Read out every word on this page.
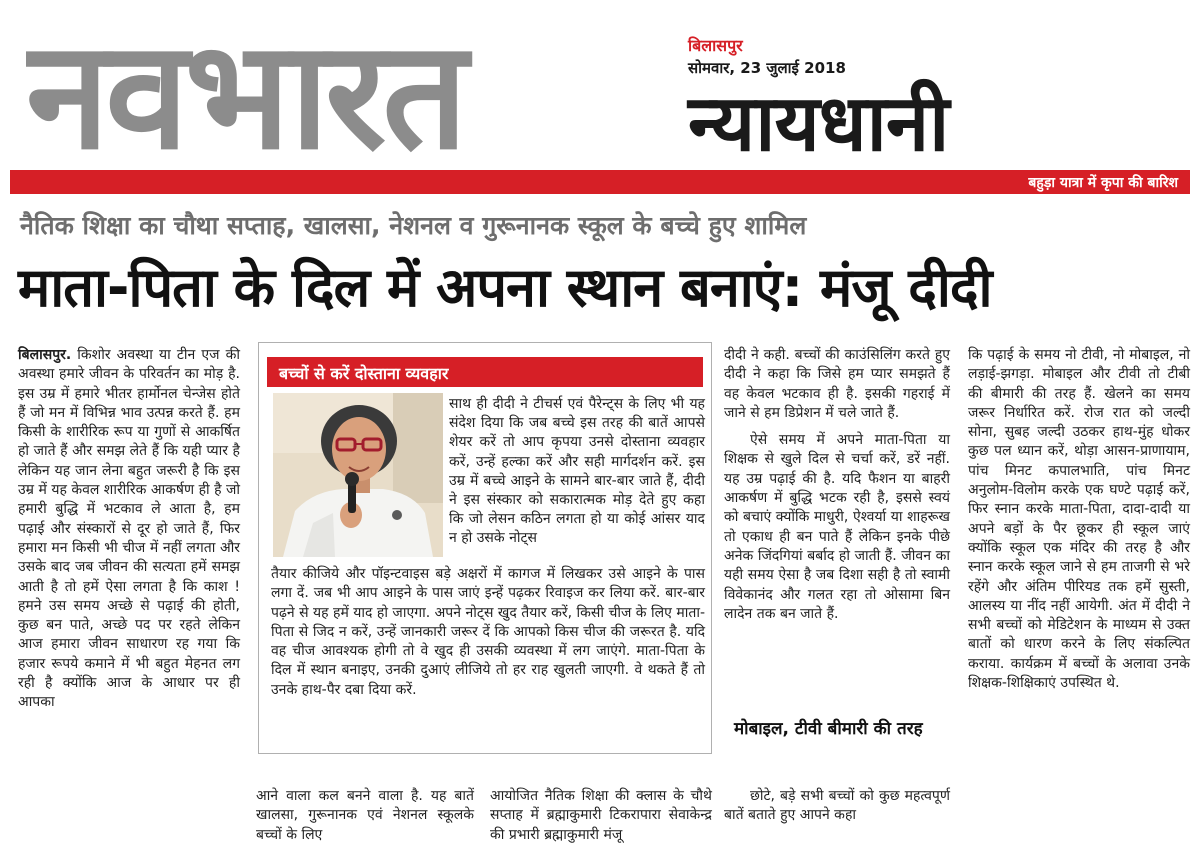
नवभारत	बिलासपुर
सोमवार, 23 जुलाई 2018
न्यायधानी
बहुड़ा यात्रा में कृपा की बारिश
नैतिक शिक्षा का चौथा सप्ताह, खालसा, नेशनल व गुरूनानक स्कूल के बच्चे हुए शामिल
माता-पिता के दिल में अपना स्थान बनाएं: मंजू दीदी
बिलासपुर. किशोर अवस्था या टीन एज की अवस्था हमारे जीवन के परिवर्तन का मोड़ है. इस उम्र में हमारे भीतर हार्मोनल चेन्जेस होते हैं जो मन में विभिन्न भाव उत्पन्न करते हैं. हम किसी के शारीरिक रूप या गुणों से आकर्षित हो जाते हैं और समझ लेते हैं कि यही प्यार है लेकिन यह जान लेना बहुत जरूरी है कि इस उम्र में यह केवल शारीरिक आकर्षण ही है जो हमारी बुद्धि में भटकाव ले आता है, हम पढ़ाई और संस्कारों से दूर हो जाते हैं, फिर हमारा मन किसी भी चीज में नहीं लगता और उसके बाद जब जीवन की सत्यता हमें समझ आती है तो हमें ऐसा लगता है कि काश ! हमने उस समय अच्छे से पढ़ाई की होती, कुछ बन पाते, अच्छे पद पर रहते लेकिन आज हमारा जीवन साधारण रह गया कि हजार रूपये कमाने में भी बहुत मेहनत लग रही है क्योंकि आज के आधार पर ही आपका
बच्चों से करें दोस्ताना व्यवहार
साथ ही दीदी ने टीचर्स एवं पैरेन्ट्स के लिए भी यह संदेश दिया कि जब बच्चे इस तरह की बातें आपसे शेयर करें तो आप कृपया उनसे दोस्ताना व्यवहार करें, उन्हें हल्का करें और सही मार्गदर्शन करें. इस उम्र में बच्चे आइने के सामने बार-बार जाते हैं, दीदी ने इस संस्कार को सकारात्मक मोड़ देते हुए कहा कि जो लेसन कठिन लगता हो या कोई आंसर याद न हो उसके नोट्स
तैयार कीजिये और पॉइन्टवाइस बड़े अक्षरों में कागज में लिखकर उसे आइने के पास लगा दें. जब भी आप आइने के पास जाएं इन्हें पढ़कर रिवाइज कर लिया करें. बार-बार पढ़ने से यह हमें याद हो जाएगा. अपने नोट्स खुद तैयार करें, किसी चीज के लिए माता-पिता से जिद न करें, उन्हें जानकारी जरूर दें कि आपको किस चीज की जरूरत है. यदि वह चीज आवश्यक होगी तो वे खुद ही उसकी व्यवस्था में लग जाएंगे. माता-पिता के दिल में स्थान बनाइए, उनकी दुआएं लीजिये तो हर राह खुलती जाएगी. वे थकते हैं तो उनके हाथ-पैर दबा दिया करें.
आने वाला कल बनने वाला है. यह बातें खालसा, गुरूनानक एवं नेशनल स्कूलके बच्चों के लिए
आयोजित नैतिक शिक्षा की क्लास के चौथे सप्ताह में ब्रह्माकुमारी टिकरापारा सेवाकेन्द्र की प्रभारी ब्रह्माकुमारी मंजू

दीदी ने कही. बच्चों की काउंसिलिंग करते हुए दीदी ने कहा कि जिसे हम प्यार समझते हैं वह केवल भटकाव ही है. इसकी गहराई में जाने से हम डिप्रेशन में चले जाते हैं.

ऐसे समय में अपने माता-पिता या शिक्षक से खुले दिल से चर्चा करें, डरें नहीं. यह उम्र पढ़ाई की है. यदि फैशन या बाहरी आकर्षण में बुद्धि भटक रही है, इससे स्वयं को बचाएं क्योंकि माधुरी, ऐश्वर्या या शाहरूख तो एकाध ही बन पाते हैं लेकिन इनके पीछे अनेक जिंदगियां बर्बाद हो जाती हैं. जीवन का यही समय ऐसा है जब दिशा सही है तो स्वामी विवेकानंद और गलत रहा तो ओसामा बिन लादेन तक बन जाते हैं.

मोबाइल, टीवी बीमारी की तरह
छोटे, बड़े सभी बच्चों को कुछ महत्वपूर्ण बातें बताते हुए आपने कहा
कि पढ़ाई के समय नो टीवी, नो मोबाइल, नो लड़ाई-झगड़ा. मोबाइल और टीवी तो टीबी की बीमारी की तरह हैं. खेलने का समय जरूर निर्धारित करें. रोज रात को जल्दी सोना, सुबह जल्दी उठकर हाथ-मुंह धोकर कुछ पल ध्यान करें, थोड़ा आसन-प्राणायाम, पांच मिनट कपालभाति, पांच मिनट अनुलोम-विलोम करके एक घण्टे पढ़ाई करें, फिर स्नान करके माता-पिता, दादा-दादी या अपने बड़ों के पैर छूकर ही स्कूल जाएं क्योंकि स्कूल एक मंदिर की तरह है और स्नान करके स्कूल जाने से हम ताजगी से भरे रहेंगे और अंतिम पीरियड तक हमें सुस्ती, आलस्य या नींद नहीं आयेगी. अंत में दीदी ने सभी बच्चों को मेडिटेशन के माध्यम से उक्त बातों को धारण करने के लिए संकल्पित कराया. कार्यक्रम में बच्चों के अलावा उनके शिक्षक-शिक्षिकाएं उपस्थित थे.
